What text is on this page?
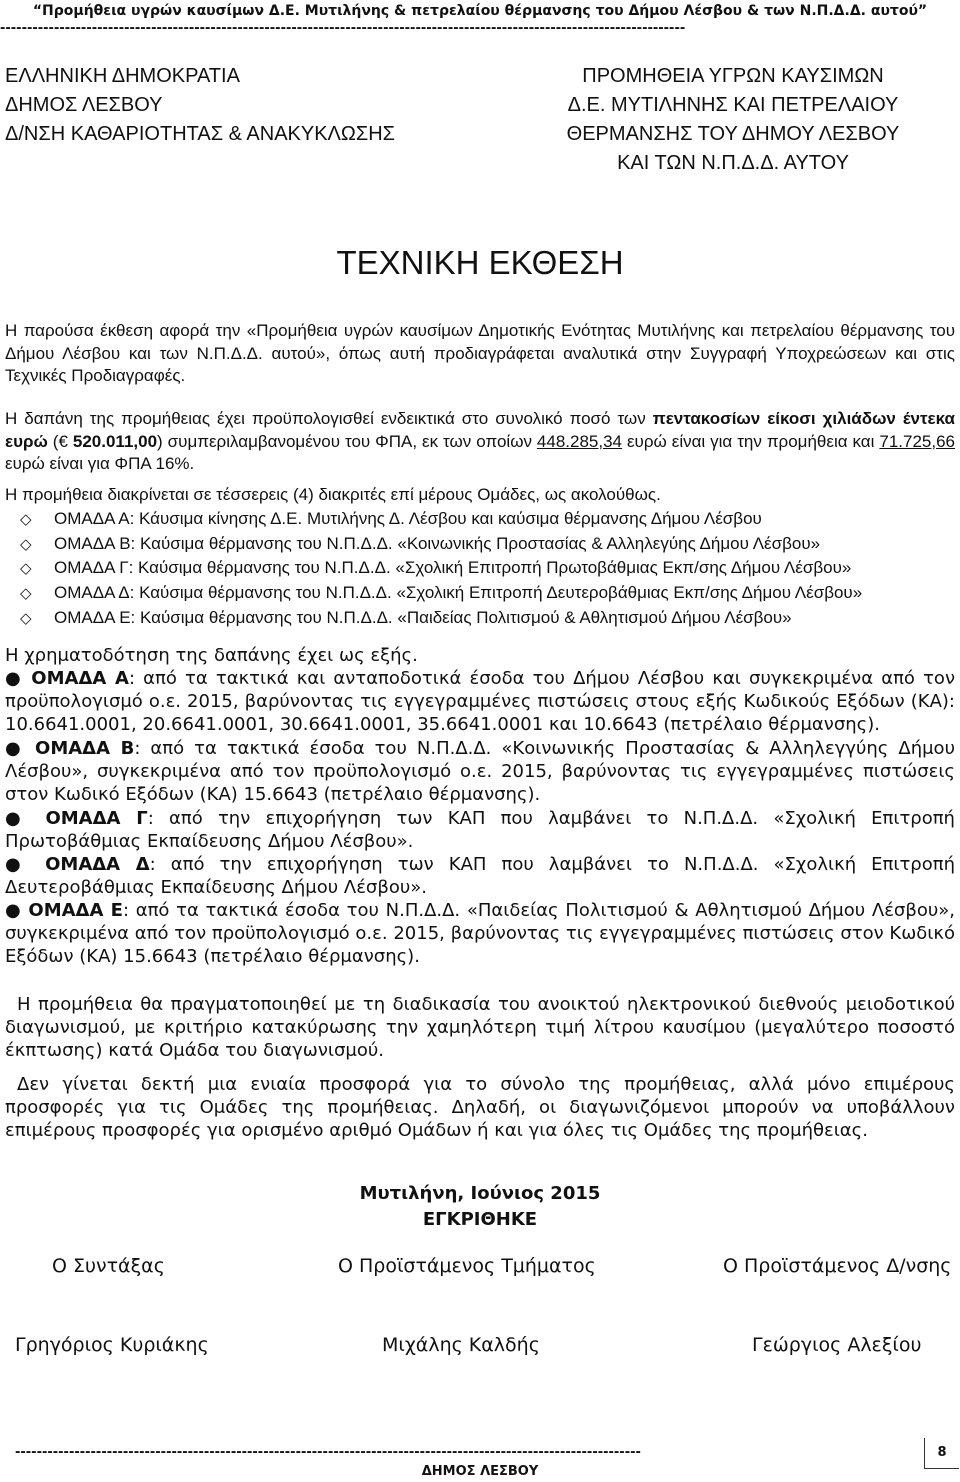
“Προμήθεια υγρών καυσίμων Δ.Ε. Μυτιλήνης & πετρελαίου θέρμανσης του Δήμου Λέσβου & των Ν.Π.Δ.Δ. αυτού”
-------------------------------------------------------------------------------------------------------------------------------
ΕΛΛΗΝΙΚΗ ΔΗΜΟΚΡΑΤΙΑ
ΔΗΜΟΣ ΛΕΣΒΟΥ
Δ/ΝΣΗ ΚΑΘΑΡΙΟΤΗΤΑΣ & ΑΝΑΚΥΚΛΩΣΗΣ
ΠΡΟΜΗΘΕΙΑ ΥΓΡΩΝ ΚΑΥΣΙΜΩΝ
Δ.Ε. ΜΥΤΙΛΗΝΗΣ ΚΑΙ ΠΕΤΡΕΛΑΙΟΥ
ΘΕΡΜΑΝΣΗΣ ΤΟΥ ΔΗΜΟΥ ΛΕΣΒΟΥ
ΚΑΙ ΤΩΝ Ν.Π.Δ.Δ. ΑΥΤΟΥ
ΤΕΧΝΙΚΗ ΕΚΘΕΣΗ
Η παρούσα έκθεση αφορά την «Προμήθεια υγρών καυσίμων Δημοτικής Ενότητας Μυτιλήνης και πετρελαίου θέρμανσης του Δήμου Λέσβου και των Ν.Π.Δ.Δ. αυτού», όπως αυτή προδιαγράφεται αναλυτικά στην Συγγραφή Υποχρεώσεων και στις Τεχνικές Προδιαγραφές.
Η δαπάνη της προμήθειας έχει προϋπολογισθεί ενδεικτικά στο συνολικό ποσό των πεντακοσίων είκοσι χιλιάδων έντεκα ευρώ (€ 520.011,00) συμπεριλαμβανομένου του ΦΠΑ, εκ των οποίων 448.285,34 ευρώ είναι για την προμήθεια και 71.725,66 ευρώ είναι για ΦΠΑ 16%.
Η προμήθεια διακρίνεται σε τέσσερεις (4) διακριτές επί μέρους Ομάδες, ως ακολούθως.
◇ ΟΜΑΔΑ Α: Κάυσιμα κίνησης Δ.Ε. Μυτιλήνης Δ. Λέσβου και καύσιμα θέρμανσης Δήμου Λέσβου
◇ ΟΜΑΔΑ Β: Καύσιμα θέρμανσης του Ν.Π.Δ.Δ. «Κοινωνικής Προστασίας & Αλληλεγύης Δήμου Λέσβου»
◇ ΟΜΑΔΑ Γ: Καύσιμα θέρμανσης του Ν.Π.Δ.Δ. «Σχολική Επιτροπή Πρωτοβάθμιας Εκπ/σης Δήμου Λέσβου»
◇ ΟΜΑΔΑ Δ: Καύσιμα θέρμανσης του Ν.Π.Δ.Δ. «Σχολική Επιτροπή Δευτεροβάθμιας Εκπ/σης Δήμου Λέσβου»
◇ ΟΜΑΔΑ Ε: Καύσιμα θέρμανσης του Ν.Π.Δ.Δ. «Παιδείας Πολιτισμού & Αθλητισμού Δήμου Λέσβου»
Η χρηματοδότηση της δαπάνης έχει ως εξής.
● ΟΜΑΔΑ Α: από τα τακτικά και ανταποδοτικά έσοδα του Δήμου Λέσβου και συγκεκριμένα από τον προϋπολογισμό ο.ε. 2015, βαρύνοντας τις εγγεγραμμένες πιστώσεις στους εξής Κωδικούς Εξόδων (ΚΑ): 10.6641.0001, 20.6641.0001, 30.6641.0001, 35.6641.0001 και 10.6643 (πετρέλαιο θέρμανσης).
● ΟΜΑΔΑ Β: από τα τακτικά έσοδα του Ν.Π.Δ.Δ. «Κοινωνικής Προστασίας & Αλληλεγγύης Δήμου Λέσβου», συγκεκριμένα από τον προϋπολογισμό ο.ε. 2015, βαρύνοντας τις εγγεγραμμένες πιστώσεις στον Κωδικό Εξόδων (ΚΑ) 15.6643 (πετρέλαιο θέρμανσης).
● ΟΜΑΔΑ Γ: από την επιχορήγηση των ΚΑΠ που λαμβάνει το Ν.Π.Δ.Δ. «Σχολική Επιτροπή Πρωτοβάθμιας Εκπαίδευσης Δήμου Λέσβου».
● ΟΜΑΔΑ Δ: από την επιχορήγηση των ΚΑΠ που λαμβάνει το Ν.Π.Δ.Δ. «Σχολική Επιτροπή Δευτεροβάθμιας Εκπαίδευσης Δήμου Λέσβου».
● ΟΜΑΔΑ Ε: από τα τακτικά έσοδα του Ν.Π.Δ.Δ. «Παιδείας Πολιτισμού & Αθλητισμού Δήμου Λέσβου», συγκεκριμένα από τον προϋπολογισμό ο.ε. 2015, βαρύνοντας τις εγγεγραμμένες πιστώσεις στον Κωδικό Εξόδων (ΚΑ) 15.6643 (πετρέλαιο θέρμανσης).
Η προμήθεια θα πραγματοποιηθεί με τη διαδικασία του ανοικτού ηλεκτρονικού διεθνούς μειοδοτικού διαγωνισμού, με κριτήριο κατακύρωσης την χαμηλότερη τιμή λίτρου καυσίμου (μεγαλύτερο ποσοστό έκπτωσης) κατά Ομάδα του διαγωνισμού.
Δεν γίνεται δεκτή μια ενιαία προσφορά για το σύνολο της προμήθειας, αλλά μόνο επιμέρους προσφορές για τις Ομάδες της προμήθειας. Δηλαδή, οι διαγωνιζόμενοι μπορούν να υποβάλλουν επιμέρους προσφορές για ορισμένο αριθμό Ομάδων ή και για όλες τις Ομάδες της προμήθειας.
Μυτιλήνη, Ιούνιος 2015
ΕΓΚΡΙΘΗΚΕ
Ο Συντάξας	Ο Προϊστάμενος Τμήματος	Ο Προϊστάμενος Δ/νσης
Γρηγόριος Κυριάκης	Μιχάλης Καλδής	Γεώργιος Αλεξίου
--------------------------------------------------------------------------------------------------------------------
ΔΗΜΟΣ ΛΕΣΒΟΥ
8
